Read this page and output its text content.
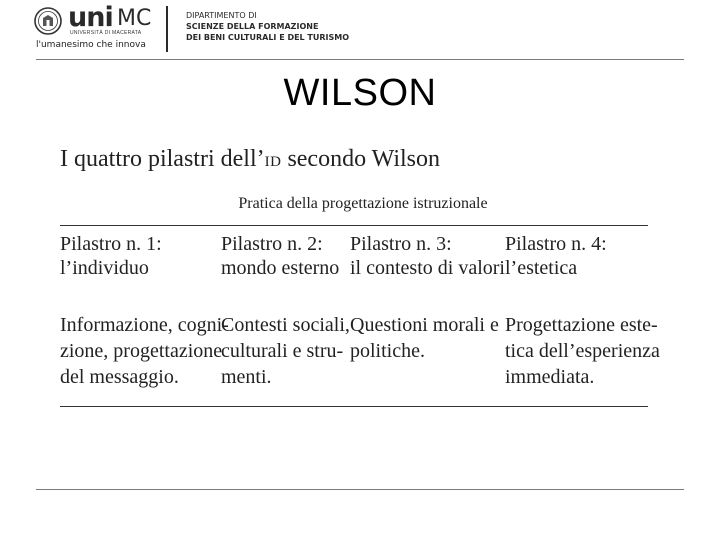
uni MC
UNIVERSITÀ DI MACERATA
l'umanesimo che innova
DIPARTIMENTO DI
SCIENZE DELLA FORMAZIONE
DEI BENI CULTURALI E DEL TURISMO
WILSON
I quattro pilastri dell’ID secondo Wilson
Pratica della progettazione istruzionale
Pilastro n. 1:
l’individuo
Informazione, cogni-
zione, progettazione
del messaggio.
Pilastro n. 2:
mondo esterno
Contesti sociali,
culturali e stru-
menti.
Pilastro n. 3:
il contesto di valori
Questioni morali e
politiche.
Pilastro n. 4:
l’estetica
Progettazione este-
tica dell’esperienza
immediata.
